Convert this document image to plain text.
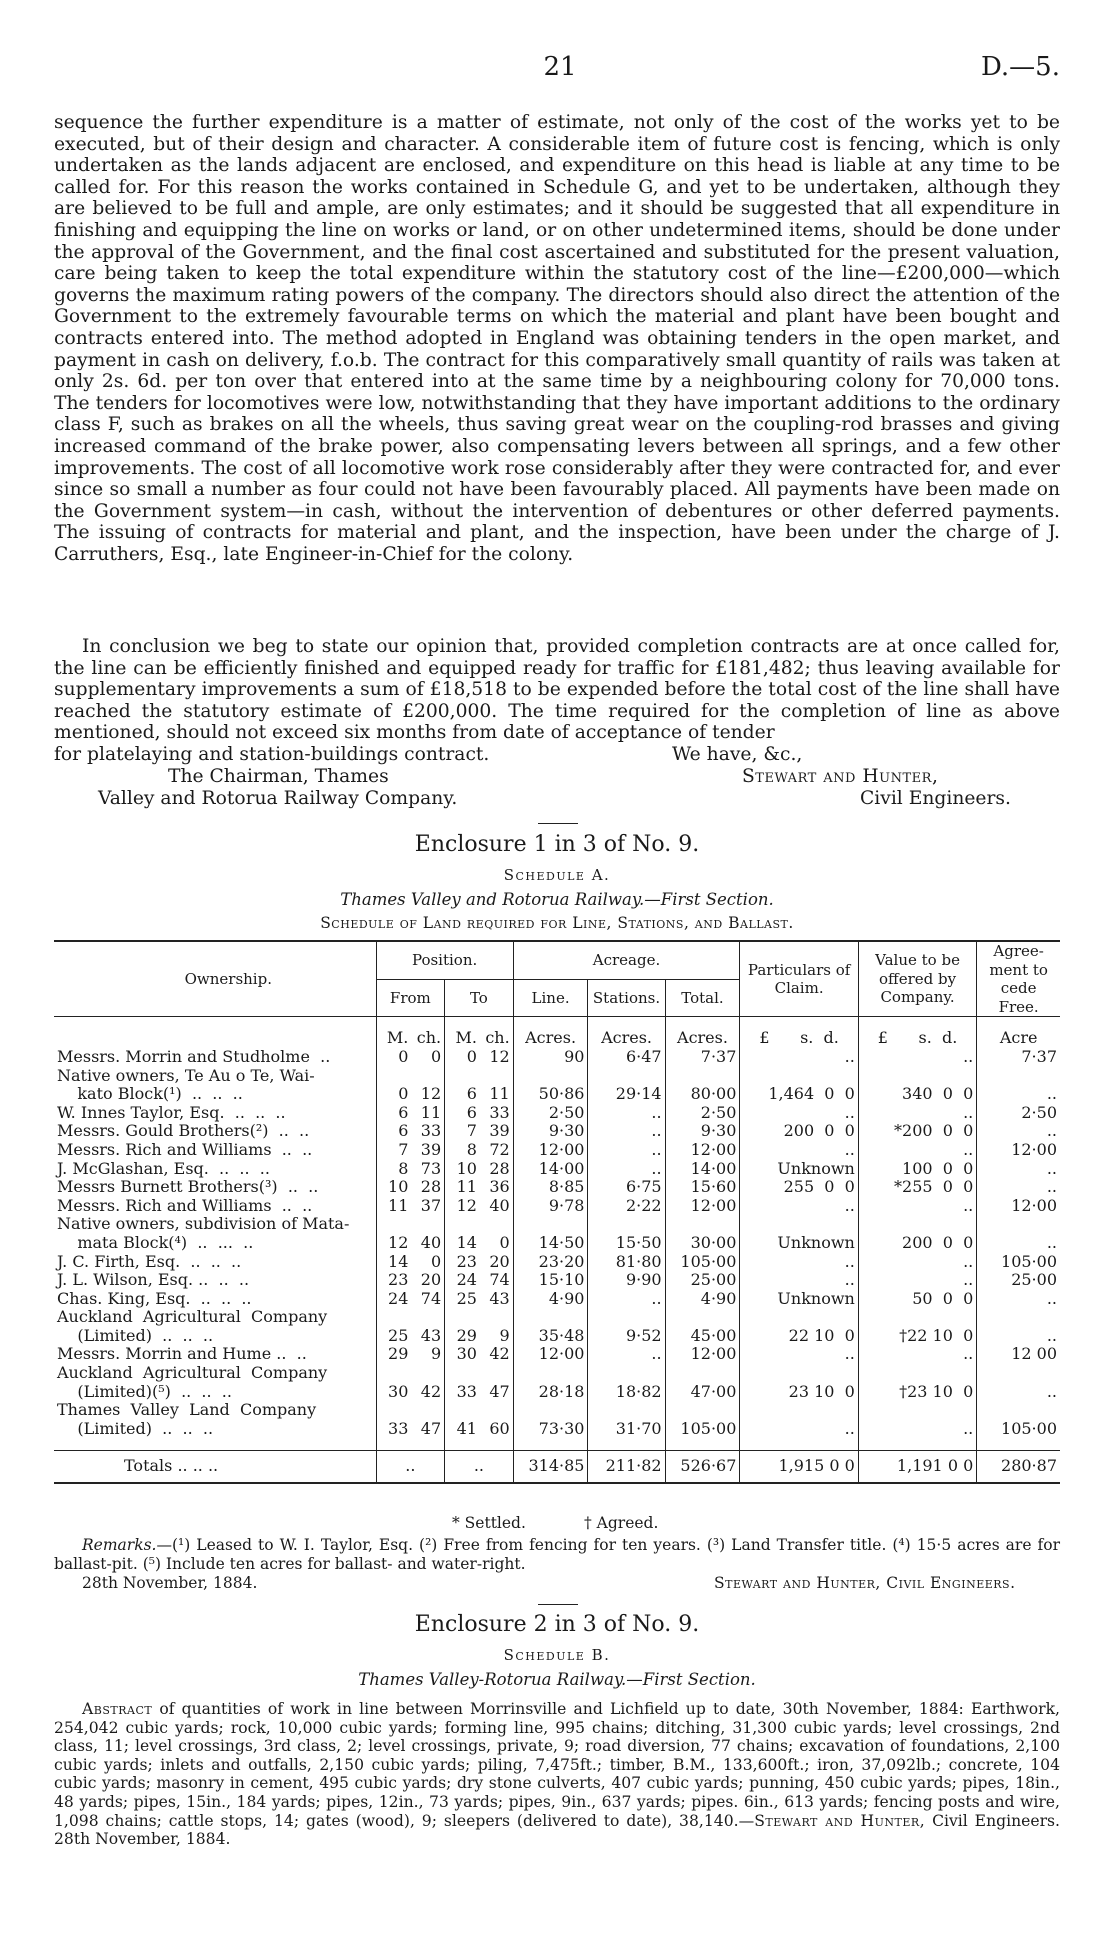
21	D.—5.
sequence the further expenditure is a matter of estimate, not only of the cost of the works yet to be executed, but of their design and character. A considerable item of future cost is fencing, which is only undertaken as the lands adjacent are enclosed, and expenditure on this head is liable at any time to be called for. For this reason the works contained in Schedule G, and yet to be undertaken, although they are believed to be full and ample, are only estimates; and it should be suggested that all expenditure in finishing and equipping the line on works or land, or on other undetermined items, should be done under the approval of the Government, and the final cost ascertained and substituted for the present valuation, care being taken to keep the total expenditure within the statutory cost of the line—£200,000—which governs the maximum rating powers of the company. The directors should also direct the attention of the Government to the extremely favourable terms on which the material and plant have been bought and contracts entered into. The method adopted in England was obtaining tenders in the open market, and payment in cash on delivery, f.o.b. The contract for this comparatively small quantity of rails was taken at only 2s. 6d. per ton over that entered into at the same time by a neighbouring colony for 70,000 tons. The tenders for locomotives were low, notwithstanding that they have important additions to the ordinary class F, such as brakes on all the wheels, thus saving great wear on the coupling-rod brasses and giving increased command of the brake power, also compensating levers between all springs, and a few other improvements. The cost of all locomotive work rose considerably after they were contracted for, and ever since so small a number as four could not have been favourably placed. All payments have been made on the Government system—in cash, without the intervention of debentures or other deferred payments. The issuing of contracts for material and plant, and the inspection, have been under the charge of J. Carruthers, Esq., late Engineer-in-Chief for the colony.
In conclusion we beg to state our opinion that, provided completion contracts are at once called for, the line can be efficiently finished and equipped ready for traffic for £181,482; thus leaving available for supplementary improvements a sum of £18,518 to be expended before the total cost of the line shall have reached the statutory estimate of £200,000. The time required for the completion of line as above mentioned, should not exceed six months from date of acceptance of tender
for platelaying and station-buildings contract.	We have, &c.,
The Chairman, Thames	Stewart and Hunter,
Valley and Rotorua Railway Company.	Civil Engineers.
Enclosure 1 in 3 of No. 9.
Schedule A.
Thames Valley and Rotorua Railway.—First Section.
Schedule of Land required for Line, Stations, and Ballast.
Ownership.	Position.				Acreage.			Particulars of Claim.	Value to be offered by Company.	Agreement to cede Free.
	From		To		Line.	Stations.	Total.			
	M.	ch.	M.	ch.	Acres.	Acres.	Acres.	£ s. d.	£ s. d.	Acre

Messrs. Morrin and Studholme  ..	0	0	0	12	90	6·47	7·37	..	..	7·37

Native owners, Te Au o Te, Wai-
kato Block(¹)  ..  ..  ..	0	12	6	11	50·86	29·14	80·00	1,464  0  0	340  0  0	..

W. Innes Taylor, Esq.  ..  ..  ..	6	11	6	33	2·50	..	2·50	..	..	2·50

Messrs. Gould Brothers(²)  ..  ..	6	33	7	39	9·30	..	9·30	200  0  0	*200  0  0	..

Messrs. Rich and Williams  ..  ..	7	39	8	72	12·00	..	12·00	..	..	12·00

J. McGlashan, Esq.  ..  ..  ..	8	73	10	28	14·00	..	14·00	Unknown	100  0  0	..

Messrs Burnett Brothers(³)  ..  ..	10	28	11	36	8·85	6·75	15·60	255  0  0	*255  0  0	..

Messrs. Rich and Williams  ..  ..	11	37	12	40	9·78	2·22	12·00	..	..	12·00

Native owners, subdivision of Mata-
mata Block(⁴)  ..  ...  ..	12	40	14	0	14·50	15·50	30·00	Unknown	200  0  0	..

J. C. Firth, Esq.  ..  ..  ..	14	0	23	20	23·20	81·80	105·00	..	..	105·00

J. L. Wilson, Esq. ..  ..  ..	23	20	24	74	15·10	9·90	25·00	..	..	25·00

Chas. King, Esq.  ..  ..  ..	24	74	25	43	4·90	..	4·90	Unknown	50  0  0	..

Auckland  Agricultural  Company
(Limited)  ..  ..  ..	25	43	29	9	35·48	9·52	45·00	22 10  0	†22 10  0	..

Messrs. Morrin and Hume ..  ..	29	9	30	42	12·00	..	12·00	..	..	12 00

Auckland  Agricultural  Company
(Limited)(⁵)  ..  ..  ..	30	42	33	47	28·18	18·82	47·00	23 10  0	†23 10  0	..

Thames  Valley  Land  Company
(Limited)  ..  ..  ..	33	47	41	60	73·30	31·70	105·00	..	..	105·00
Totals .. .. ..	..		..		314·85	211·82	526·67	1,915 0 0	1,191 0 0	280·87

* Settled.	† Agreed.
Remarks.—(¹) Leased to W. I. Taylor, Esq. (²) Free from fencing for ten years. (³) Land Transfer title. (⁴) 15·5 acres are for ballast-pit. (⁵) Include ten acres for ballast- and water-right.
28th November, 1884.	Stewart and Hunter, Civil Engineers.
Enclosure 2 in 3 of No. 9.
Schedule B.
Thames Valley-Rotorua Railway.—First Section.
Abstract of quantities of work in line between Morrinsville and Lichfield up to date, 30th November, 1884: Earthwork, 254,042 cubic yards; rock, 10,000 cubic yards; forming line, 995 chains; ditching, 31,300 cubic yards; level crossings, 2nd class, 11; level crossings, 3rd class, 2; level crossings, private, 9; road diversion, 77 chains; excavation of foundations, 2,100 cubic yards; inlets and outfalls, 2,150 cubic yards; piling, 7,475ft.; timber, B.M., 133,600ft.; iron, 37,092lb.; concrete, 104 cubic yards; masonry in cement, 495 cubic yards; dry stone culverts, 407 cubic yards; punning, 450 cubic yards; pipes, 18in., 48 yards; pipes, 15in., 184 yards; pipes, 12in., 73 yards; pipes, 9in., 637 yards; pipes. 6in., 613 yards; fencing posts and wire, 1,098 chains; cattle stops, 14; gates (wood), 9; sleepers (delivered to date), 38,140.—Stewart and Hunter, Civil Engineers. 28th November, 1884.
